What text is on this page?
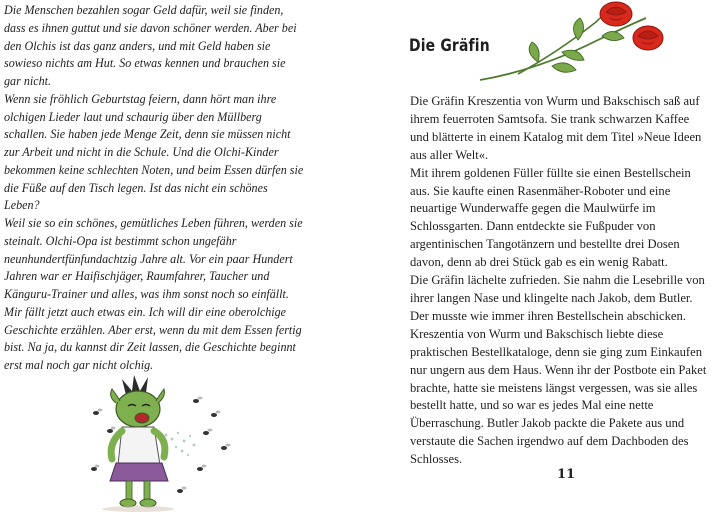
Die Menschen bezahlen sogar Geld dafür, weil sie finden, dass es ihnen guttut und sie davon schöner werden. Aber bei den Olchis ist das ganz anders, und mit Geld haben sie sowieso nichts am Hut. So etwas kennen und brauchen sie gar nicht.

Wenn sie fröhlich Geburtstag feiern, dann hört man ihre olchigen Lieder laut und schaurig über den Müllberg schallen. Sie haben jede Menge Zeit, denn sie müssen nicht zur Arbeit und nicht in die Schule. Und die Olchi-Kinder bekommen keine schlechten Noten, und beim Essen dürfen sie die Füße auf den Tisch legen. Ist das nicht ein schönes Leben?

Weil sie so ein schönes, gemütliches Leben führen, werden sie steinalt. Olchi-Opa ist bestimmt schon ungefähr neunhundertfünfundachtzig Jahre alt. Vor ein paar Hundert Jahren war er Haifischjäger, Raumfahrer, Taucher und Känguru-Trainer und alles, was ihm sonst noch so einfällt. Mir fällt jetzt auch etwas ein. Ich will dir eine oberolchige Geschichte erzählen. Aber erst, wenn du mit dem Essen fertig bist. Na ja, du kannst dir Zeit lassen, die Geschichte beginnt erst mal noch gar nicht olchig.

Die Gräfin

Die Gräfin Kreszentia von Wurm und Bakschisch saß auf ihrem feuerroten Samtsofa. Sie trank schwarzen Kaffee und blätterte in einem Katalog mit dem Titel »Neue Ideen aus aller Welt«.

Mit ihrem goldenen Füller füllte sie einen Bestellschein aus. Sie kaufte einen Rasenmäher-Roboter und eine neuartige Wunderwaffe gegen die Maulwürfe im Schlossgarten. Dann entdeckte sie Fußpuder von argentinischen Tangotänzern und bestellte drei Dosen davon, denn ab drei Stück gab es ein wenig Rabatt.

Die Gräfin lächelte zufrieden. Sie nahm die Lesebrille von ihrer langen Nase und klingelte nach Jakob, dem Butler. Der musste wie immer ihren Bestellschein abschicken.

Kreszentia von Wurm und Bakschisch liebte diese praktischen Bestellkataloge, denn sie ging zum Einkaufen nur ungern aus dem Haus. Wenn ihr der Postbote ein Paket brachte, hatte sie meistens längst vergessen, was sie alles bestellt hatte, und so war es jedes Mal eine nette Überraschung. Butler Jakob packte die Pakete aus und verstaute die Sachen irgendwo auf dem Dachboden des Schlosses.

11
